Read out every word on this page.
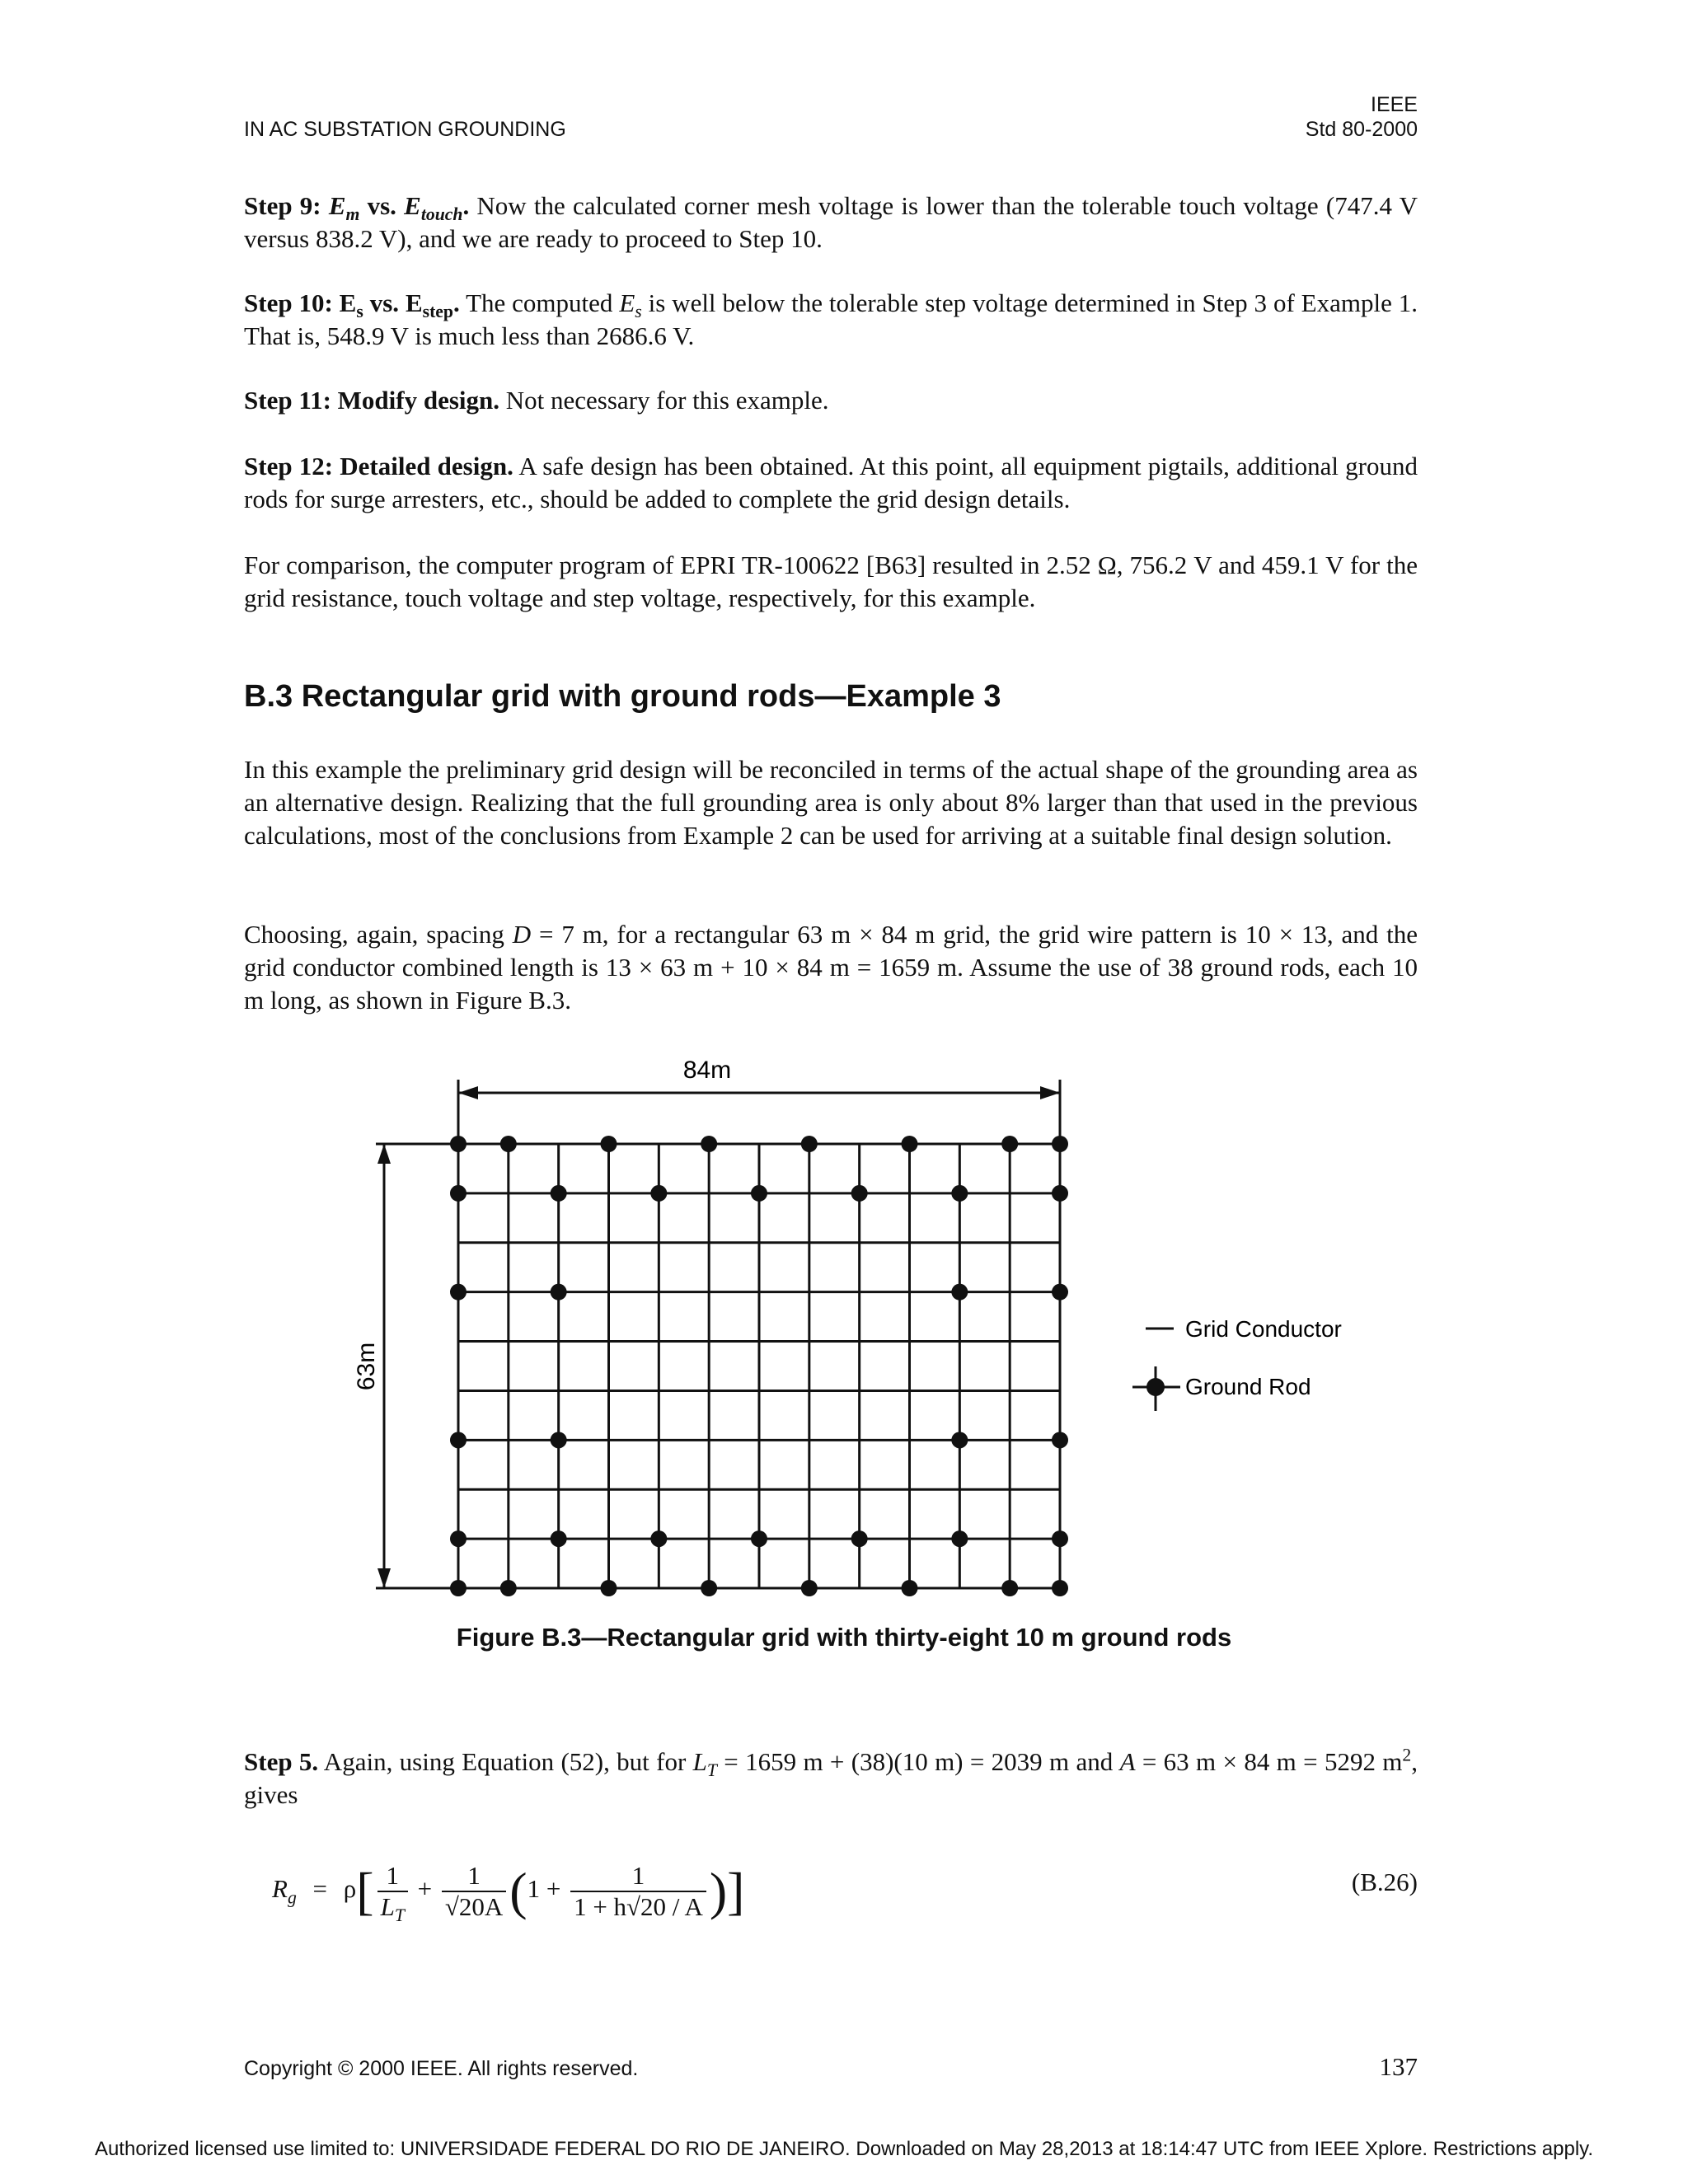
IN AC SUBSTATION GROUNDING
IEEE
Std 80-2000
Step 9: $E_m$ vs. $E_{touch}$. Now the calculated corner mesh voltage is lower than the tolerable touch voltage (747.4 V versus 838.2 V), and we are ready to proceed to Step 10.
Step 10: $E_s$ vs. $E_{step}$. The computed $E_s$ is well below the tolerable step voltage determined in Step 3 of Example 1. That is, 548.9 V is much less than 2686.6 V.
Step 11: Modify design. Not necessary for this example.
Step 12: Detailed design. A safe design has been obtained. At this point, all equipment pigtails, additional ground rods for surge arresters, etc., should be added to complete the grid design details.
For comparison, the computer program of EPRI TR-100622 [B63] resulted in 2.52 Ω, 756.2 V and 459.1 V for the grid resistance, touch voltage and step voltage, respectively, for this example.
B.3 Rectangular grid with ground rods—Example 3
In this example the preliminary grid design will be reconciled in terms of the actual shape of the grounding area as an alternative design. Realizing that the full grounding area is only about 8% larger than that used in the previous calculations, most of the conclusions from Example 2 can be used for arriving at a suitable final design solution.
Choosing, again, spacing D = 7 m, for a rectangular 63 m × 84 m grid, the grid wire pattern is 10 × 13, and the grid conductor combined length is 13 × 63 m + 10 × 84 m = 1659 m. Assume the use of 38 ground rods, each 10 m long, as shown in Figure B.3.
84m
63m
Grid Conductor
Ground Rod
Figure B.3—Rectangular grid with thirty-eight 10 m ground rods
Step 5. Again, using Equation (52), but for $L_T = 1659$ m + (38)(10 m) = 2039 m and A = 63 m × 84 m = 5292 $m^2$, gives
$R_g = \rho[ \frac{1}{L_T} + \frac{1}{√20A} (1 + \frac{1}{1 + h√20 / A}$ )]	(B.26)
Copyright © 2000 IEEE. All rights reserved.	137
Authorized licensed use limited to: UNIVERSIDADE FEDERAL DO RIO DE JANEIRO. Downloaded on May 28,2013 at 18:14:47 UTC from IEEE Xplore. Restrictions apply.
